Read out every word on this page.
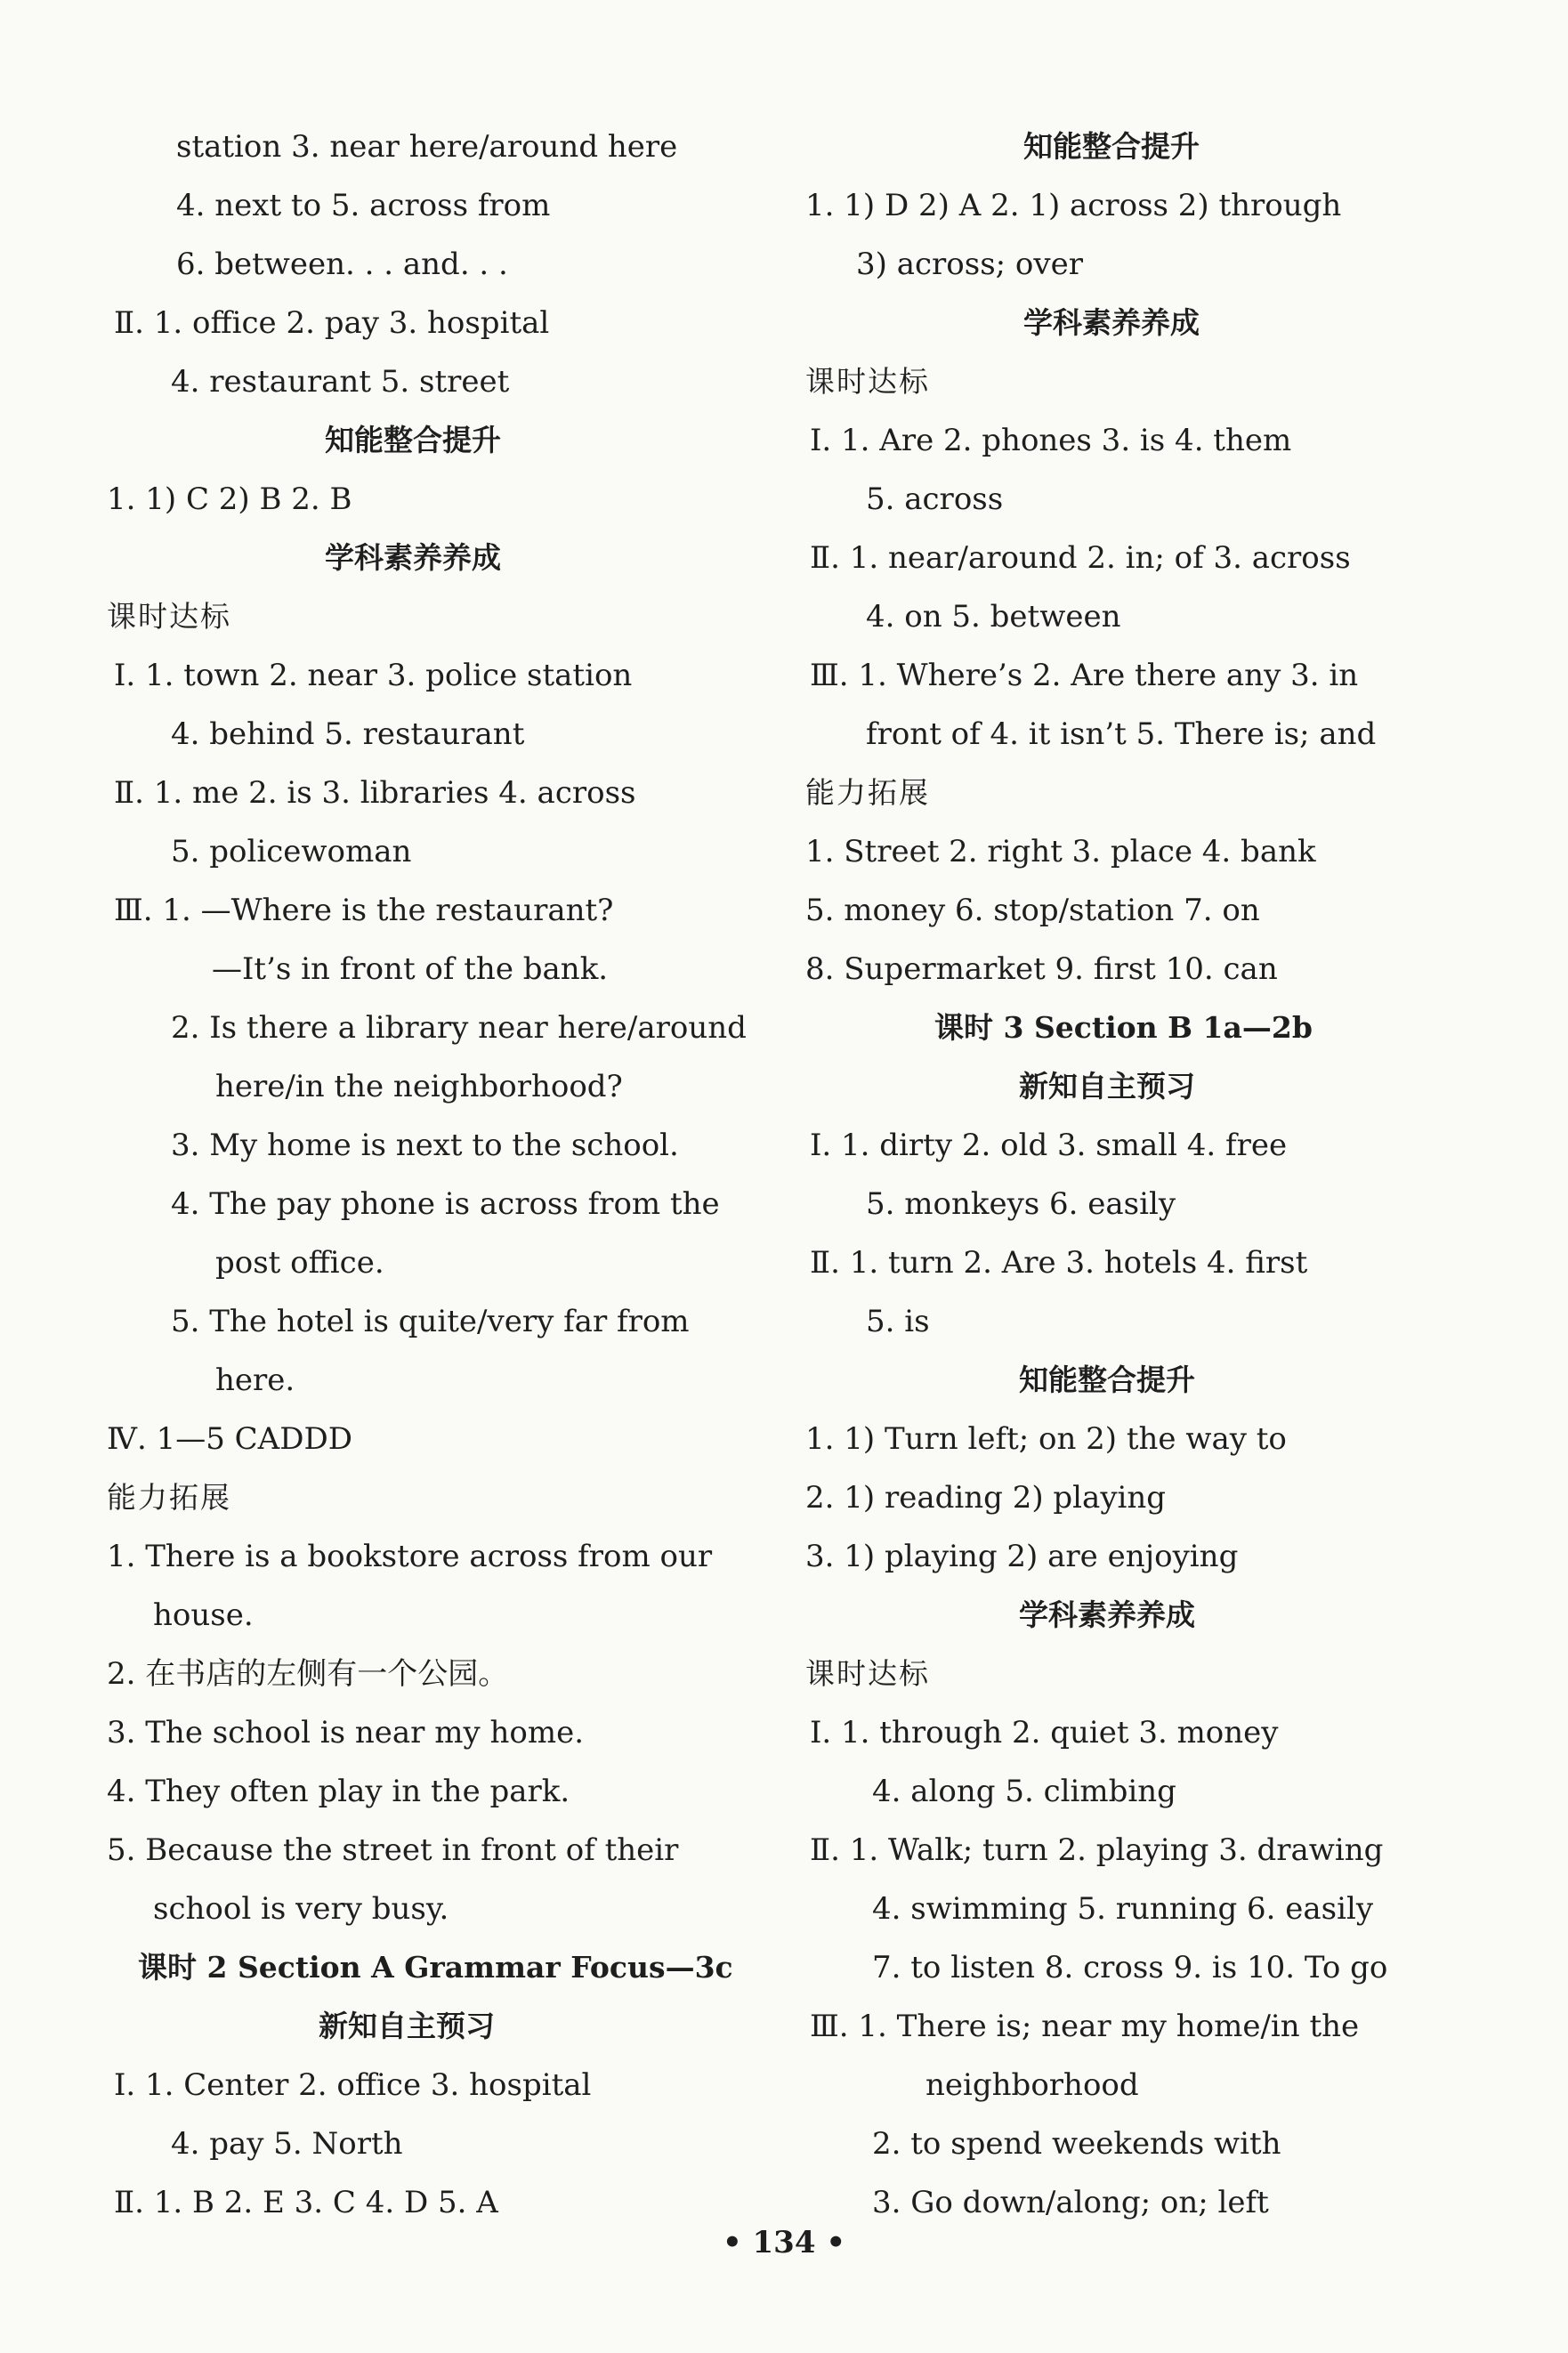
station 3. near here/around here
4. next to 5. across from
6. between. . . and. . .
Ⅱ. 1. office 2. pay 3. hospital
4. restaurant 5. street
知能整合提升
1. 1) C 2) B 2. B
学科素养养成
课时达标
Ⅰ. 1. town 2. near 3. police station
4. behind 5. restaurant
Ⅱ. 1. me 2. is 3. libraries 4. across
5. policewoman
Ⅲ. 1. —Where is the restaurant?
—It’s in front of the bank.
2. Is there a library near here/around
here/in the neighborhood?
3. My home is next to the school.
4. The pay phone is across from the
post office.
5. The hotel is quite/very far from
here.
Ⅳ. 1—5 CADDD
能力拓展
1. There is a bookstore across from our
house.
2. 在书店的左侧有一个公园。
3. The school is near my home.
4. They often play in the park.
5. Because the street in front of their
school is very busy.
课时 2 Section A Grammar Focus—3c
新知自主预习
Ⅰ. 1. Center 2. office 3. hospital
4. pay 5. North
Ⅱ. 1. B 2. E 3. C 4. D 5. A
知能整合提升
1. 1) D 2) A 2. 1) across 2) through
3) across; over
学科素养养成
课时达标
Ⅰ. 1. Are 2. phones 3. is 4. them
5. across
Ⅱ. 1. near/around 2. in; of 3. across
4. on 5. between
Ⅲ. 1. Where’s 2. Are there any 3. in
front of 4. it isn’t 5. There is; and
能力拓展
1. Street 2. right 3. place 4. bank
5. money 6. stop/station 7. on
8. Supermarket 9. first 10. can
课时 3 Section B 1a—2b
新知自主预习
Ⅰ. 1. dirty 2. old 3. small 4. free
5. monkeys 6. easily
Ⅱ. 1. turn 2. Are 3. hotels 4. first
5. is
知能整合提升
1. 1) Turn left; on 2) the way to
2. 1) reading 2) playing
3. 1) playing 2) are enjoying
学科素养养成
课时达标
Ⅰ. 1. through 2. quiet 3. money
4. along 5. climbing
Ⅱ. 1. Walk; turn 2. playing 3. drawing
4. swimming 5. running 6. easily
7. to listen 8. cross 9. is 10. To go
Ⅲ. 1. There is; near my home/in the
neighborhood
2. to spend weekends with
3. Go down/along; on; left
• 134 •
